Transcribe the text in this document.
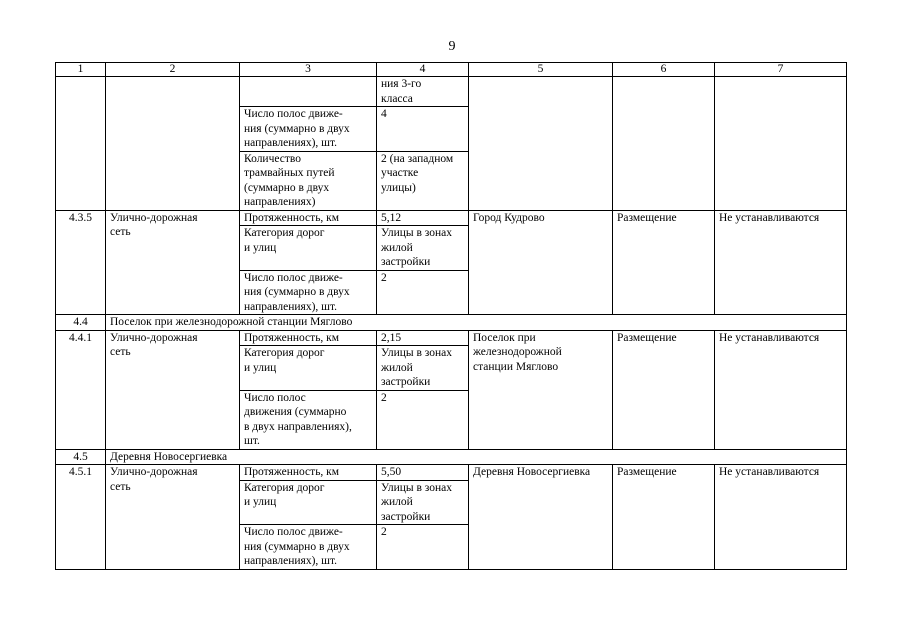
9
1	2	3	4	5	6	7
			ния 3-го
класса			
		Число полос движе-
ния (суммарно в двух
направлениях), шт.	4			
		Количество
трамвайных путей
(суммарно в двух
направлениях)	2 (на западном
участке
улицы)			
4.3.5	Улично-дорожная
сеть	Протяженность, км	5,12	Город Кудрово	Размещение	Не устанавливаются
		Категория дорог
и улиц	Улицы в зонах
жилой
застройки			
		Число полос движе-
ния (суммарно в двух
направлениях), шт.	2			
4.4	Поселок при железнодорожной станции Мяглово					
4.4.1	Улично-дорожная
сеть	Протяженность, км	2,15	Поселок при
железнодорожной
станции Мяглово	Размещение	Не устанавливаются
		Категория дорог
и улиц	Улицы в зонах
жилой
застройки			
		Число полос
движения (суммарно
в двух направлениях),
шт.	2			
4.5	Деревня Новосергиевка					
4.5.1	Улично-дорожная
сеть	Протяженность, км	5,50	Деревня Новосергиевка	Размещение	Не устанавливаются
		Категория дорог
и улиц	Улицы в зонах
жилой
застройки			
		Число полос движе-
ния (суммарно в двух
направлениях), шт.	2			
